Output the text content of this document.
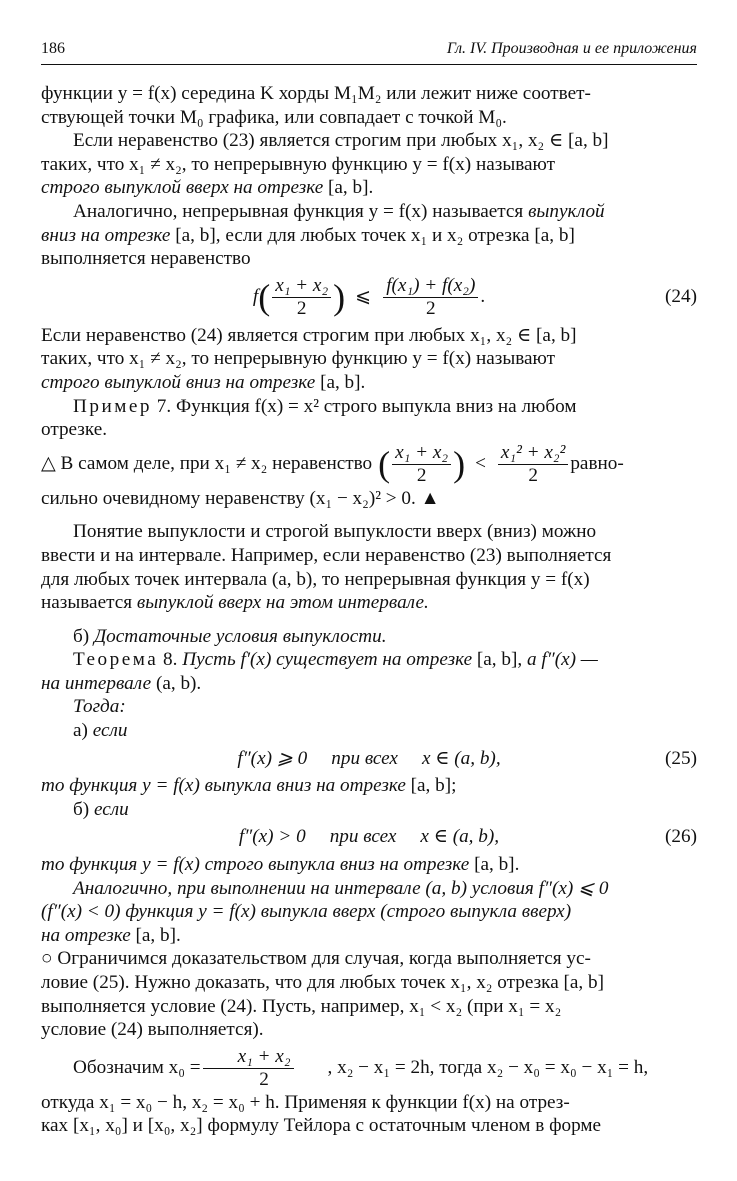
186	Гл. IV. Производная и ее приложения

функции y = f(x) середина K хорды M₁M₂ или лежит ниже соответ-

ствующей точки M₀ графика, или совпадает с точкой M₀.

Если неравенство (23) является строгим при любых x₁, x₂ ∈ [a, b]

таких, что x₁ ≠ x₂, то непрерывную функцию y = f(x) называют

строго выпуклой вверх на отрезке [a, b].

Аналогично, непрерывная функция y = f(x) называется выпуклой

вниз на отрезке [a, b], если для любых точек x₁ и x₂ отрезка [a, b]

выполняется неравенство

f ( $\frac{\text{x₁ + x₂}}{2}$ ) ⩽ $\frac{\text{f(x₁) + f(x₂)}}{2}$ .	(24)

Если неравенство (24) является строгим при любых x₁, x₂ ∈ [a, b]

таких, что x₁ ≠ x₂, то непрерывную функцию y = f(x) называют

строго выпуклой вниз на отрезке [a, b].

Пример 7. Функция f(x) = x² строго выпукла вниз на любом

отрезке.

△ В самом деле, при x₁ ≠ x₂ неравенство ( $\frac{\text{x₁ + x₂}}{2}$ ) < $\frac{\text{x₁² + x₂²}}{2}$ равно-

сильно очевидному неравенству (x₁ − x₂)² > 0. ▲

Понятие выпуклости и строгой выпуклости вверх (вниз) можно

ввести и на интервале. Например, если неравенство (23) выполняется

для любых точек интервала (a, b), то непрерывная функция y = f(x)

называется выпуклой вверх на этом интервале.

б) Достаточные условия выпуклости.

Теорема 8. Пусть f′(x) существует на отрезке [a, b], а f″(x) —

на интервале (a, b).

Тогда:

а) если

f″(x) ⩾ 0 при всех x ∈ (a, b),	(25)

то функция y = f(x) выпукла вниз на отрезке [a, b];

б) если

f″(x) > 0 при всех x ∈ (a, b),	(26)

то функция y = f(x) строго выпукла вниз на отрезке [a, b].

Аналогично, при выполнении на интервале (a, b) условия f″(x) ⩽ 0

(f″(x) < 0) функция y = f(x) выпукла вверх (строго выпукла вверх)

на отрезке [a, b].

○ Ограничимся доказательством для случая, когда выполняется ус-

ловие (25). Нужно доказать, что для любых точек x₁, x₂ отрезка [a, b]

выполняется условие (24). Пусть, например, x₁ < x₂ (при x₁ = x₂

условие (24) выполняется).

Обозначим $x_0 = \frac{\text{x₁ + x₂}}{2}$	, x₂ − x₁ = 2h, тогда x₂ − x₀ = x₀ − x₁ = h,

откуда x₁ = x₀ − h, x₂ = x₀ + h. Применяя к функции f(x) на отрез-

ках [x₁, x₀] и [x₀, x₂] формулу Тейлора с остаточным членом в форме
